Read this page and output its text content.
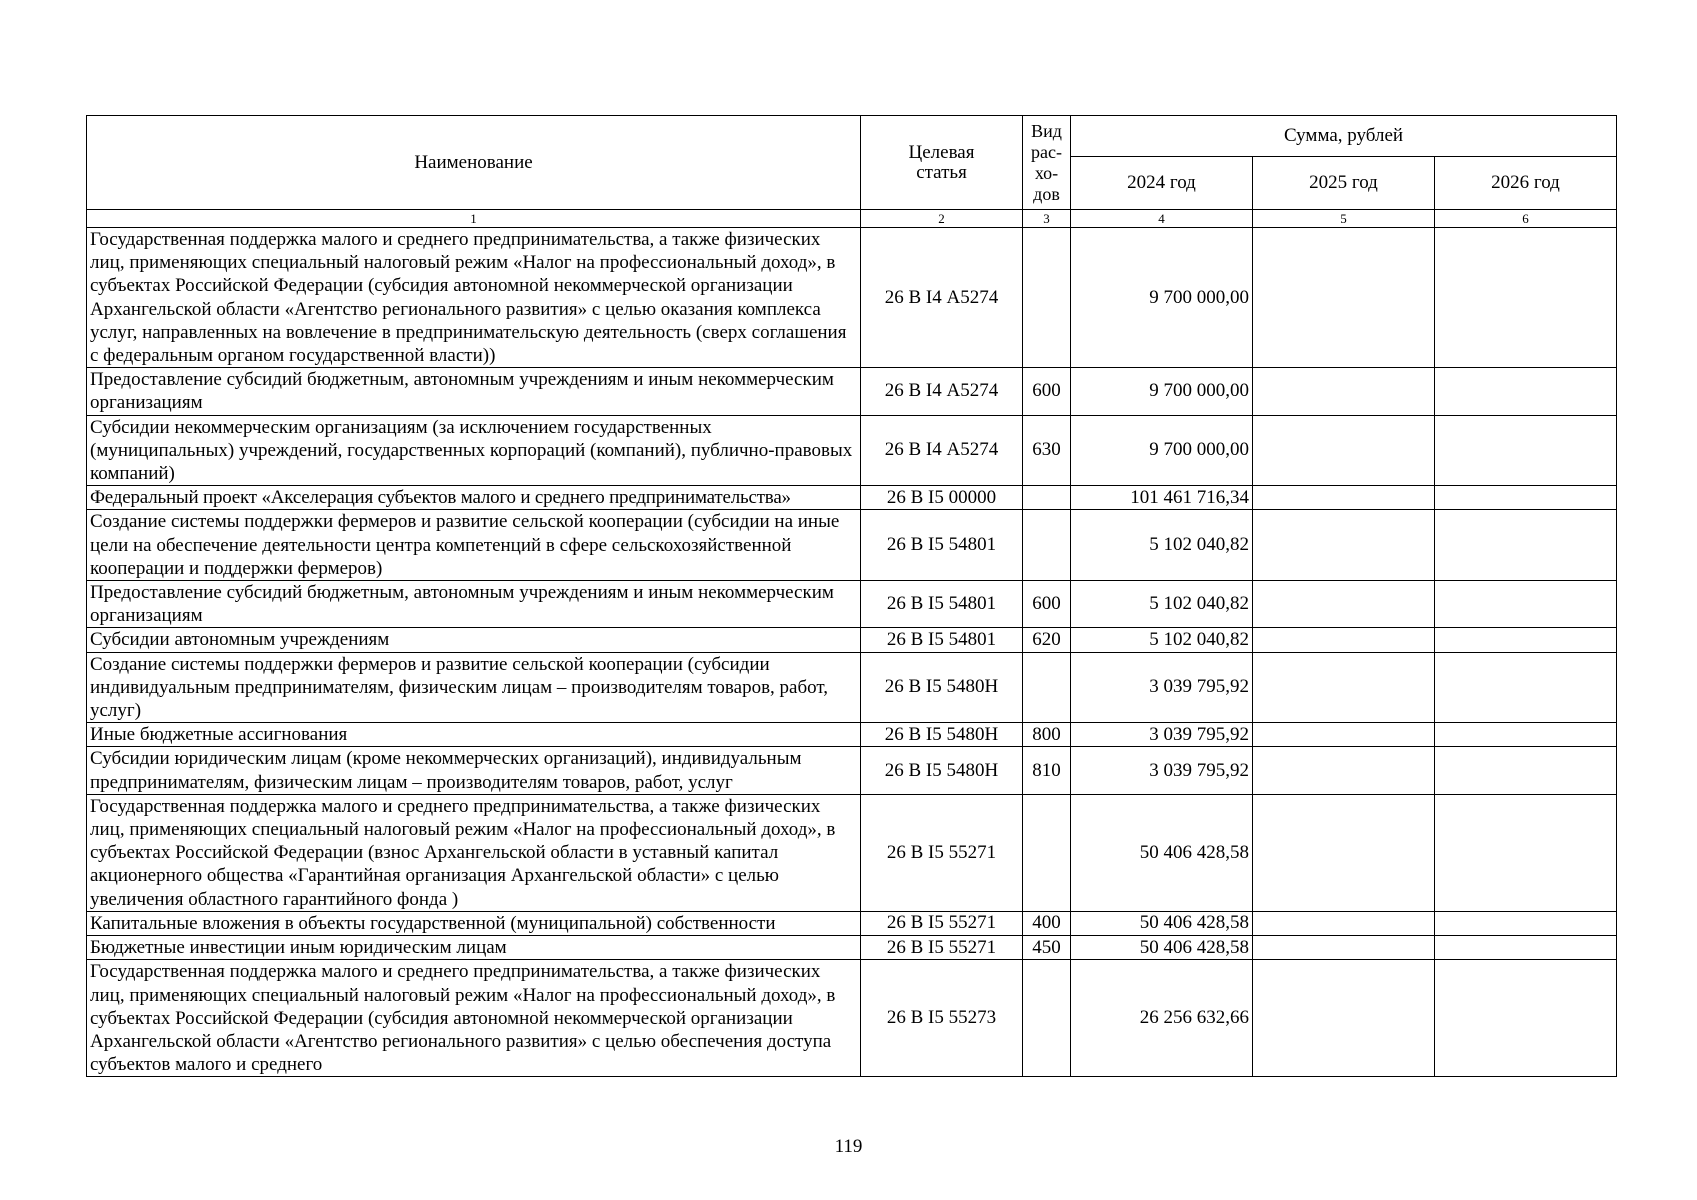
Наименование	Целевая статья	Вид рас-хо-дов	Сумма, рублей		
			2024 год	2025 год	2026 год
1	2	3	4	5	6
Государственная поддержка малого и среднего предпринимательства, а также физических лиц, применяющих специальный налоговый режим «Налог на профессиональный доход», в субъектах Российской Федерации (субсидия автономной некоммерческой организации Архангельской области «Агентство регионального развития» с целью оказания комплекса услуг, направленных на вовлечение в предпринимательскую деятельность (сверх соглашения с федеральным органом государственной власти))	26 В I4 А5274		9 700 000,00		
Предоставление субсидий бюджетным, автономным учреждениям и иным некоммерческим организациям	26 В I4 А5274	600	9 700 000,00		
Субсидии некоммерческим организациям (за исключением государственных (муниципальных) учреждений, государственных корпораций (компаний), публично-правовых компаний)	26 В I4 А5274	630	9 700 000,00		
Федеральный проект «Акселерация субъектов малого и среднего предпринимательства»	26 В I5 00000		101 461 716,34		
Создание системы поддержки фермеров и развитие сельской кооперации (субсидии на иные цели на обеспечение деятельности центра компетенций в сфере сельскохозяйственной кооперации и поддержки фермеров)	26 В I5 54801		5 102 040,82		
Предоставление субсидий бюджетным, автономным учреждениям и иным некоммерческим организациям	26 В I5 54801	600	5 102 040,82		
Субсидии автономным учреждениям	26 В I5 54801	620	5 102 040,82		
Создание системы поддержки фермеров и развитие сельской кооперации (субсидии индивидуальным предпринимателям, физическим лицам – производителям товаров, работ, услуг)	26 В I5 5480Н		3 039 795,92		
Иные бюджетные ассигнования	26 В I5 5480Н	800	3 039 795,92		
Субсидии юридическим лицам (кроме некоммерческих организаций), индивидуальным предпринимателям, физическим лицам – производителям товаров, работ, услуг	26 В I5 5480Н	810	3 039 795,92		
Государственная поддержка малого и среднего предпринимательства, а также физических лиц, применяющих специальный налоговый режим «Налог на профессиональный доход», в субъектах Российской Федерации (взнос Архангельской области в уставный капитал акционерного общества «Гарантийная организация Архангельской области» с целью увеличения областного гарантийного фонда )	26 В I5 55271		50 406 428,58		
Капитальные вложения в объекты государственной (муниципальной) собственности	26 В I5 55271	400	50 406 428,58		
Бюджетные инвестиции иным юридическим лицам	26 В I5 55271	450	50 406 428,58		
Государственная поддержка малого и среднего предпринимательства, а также физических лиц, применяющих специальный налоговый режим «Налог на профессиональный доход», в субъектах Российской Федерации (субсидия автономной некоммерческой организации Архангельской области «Агентство регионального развития» с целью обеспечения доступа субъектов малого и среднего	26 В I5 55273		26 256 632,66		
119
